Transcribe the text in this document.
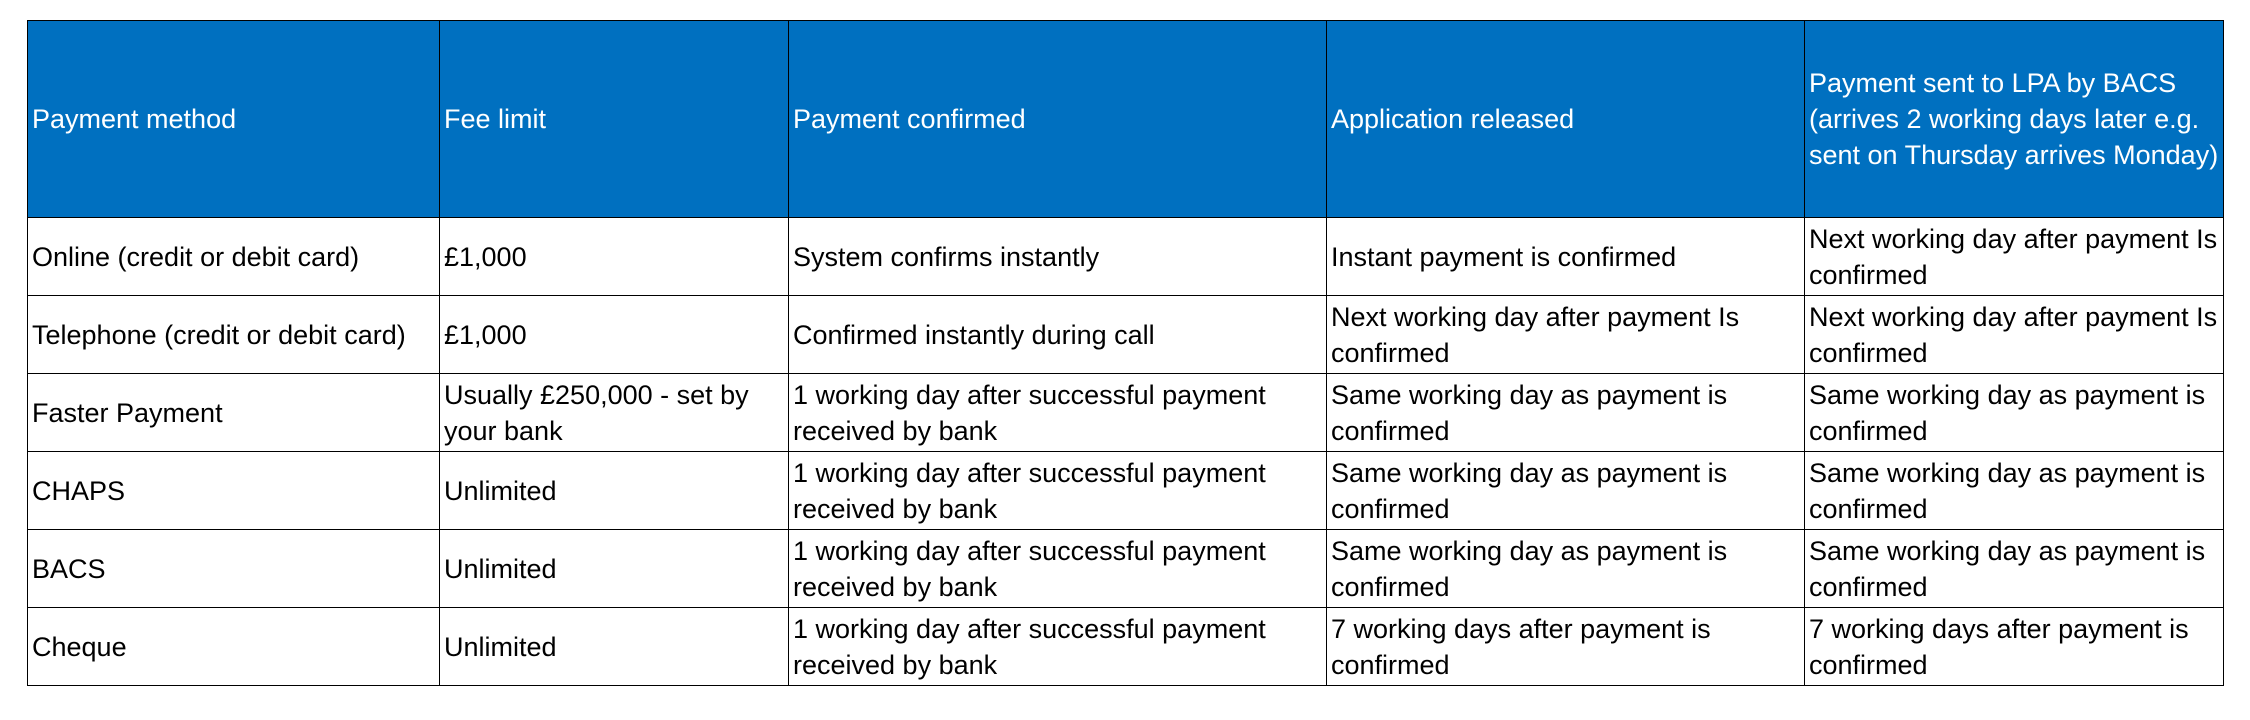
Payment method	Fee limit	Payment confirmed	Application released	Payment sent to LPA by BACS (arrives 2 working days later e.g. sent on Thursday arrives Monday)
Online (credit or debit card)	£1,000	System confirms instantly	Instant payment is confirmed	Next working day after payment Is confirmed
Telephone (credit or debit card)	£1,000	Confirmed instantly during call	Next working day after payment Is confirmed	Next working day after payment Is confirmed
Faster Payment	Usually £250,000 - set by your bank	1 working day after successful payment received by bank	Same working day as payment is confirmed	Same working day as payment is confirmed
CHAPS	Unlimited	1 working day after successful payment received by bank	Same working day as payment is confirmed	Same working day as payment is confirmed
BACS	Unlimited	1 working day after successful payment received by bank	Same working day as payment is confirmed	Same working day as payment is confirmed
Cheque	Unlimited	1 working day after successful payment received by bank	7 working days after payment is confirmed	7 working days after payment is confirmed
